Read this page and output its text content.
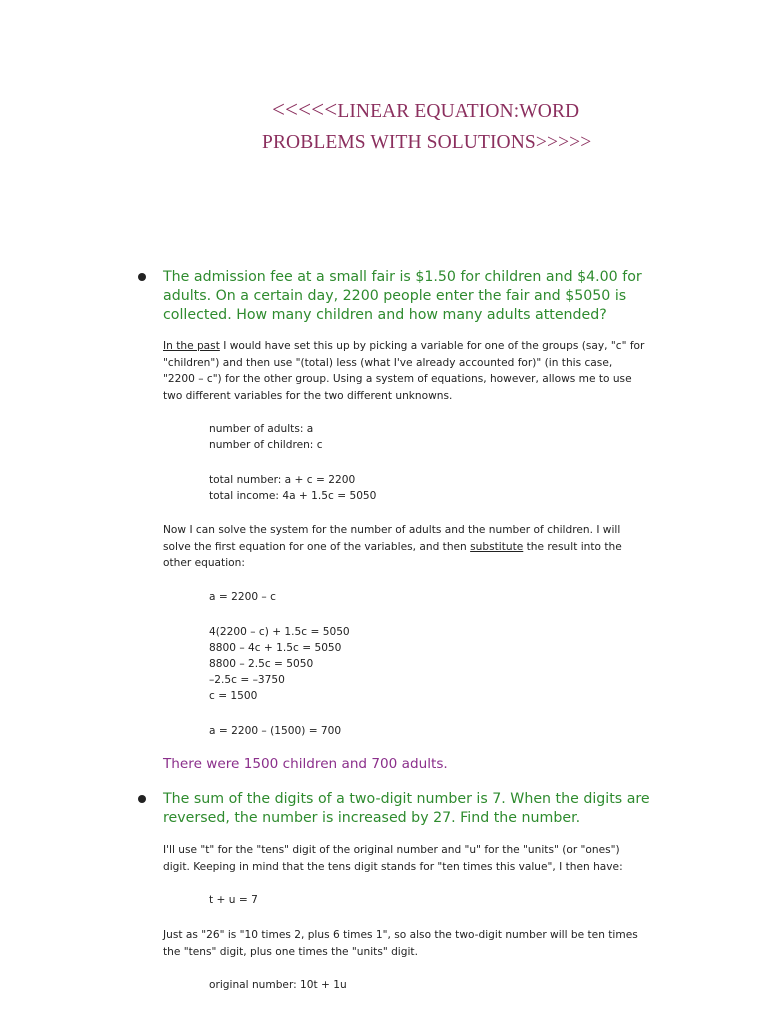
<<<<<LINEAR EQUATION:WORD
PROBLEMS WITH SOLUTIONS>>>>>
The admission fee at a small fair is $1.50 for children and $4.00 for adults. On a certain day, 2200 people enter the fair and $5050 is collected. How many children and how many adults attended?
In the past I would have set this up by picking a variable for one of the groups (say, "c" for "children") and then use "(total) less (what I've already accounted for)" (in this case, "2200 – c") for the other group. Using a system of equations, however, allows me to use two different variables for the two different unknowns.
number of adults: a
number of children: c
total number: a + c = 2200
total income: 4a + 1.5c = 5050
Now I can solve the system for the number of adults and the number of children. I will solve the first equation for one of the variables, and then substitute the result into the other equation:
a = 2200 – c
4(2200 – c) + 1.5c = 5050
8800 – 4c + 1.5c = 5050
8800 – 2.5c = 5050
–2.5c = –3750
c = 1500
a = 2200 – (1500) = 700
There were 1500 children and 700 adults.
The sum of the digits of a two-digit number is 7. When the digits are reversed, the number is increased by 27. Find the number.
I'll use "t" for the "tens" digit of the original number and "u" for the "units" (or "ones") digit. Keeping in mind that the tens digit stands for "ten times this value", I then have:
t + u = 7
Just as "26" is "10 times 2, plus 6 times 1", so also the two-digit number will be ten times the "tens" digit, plus one times the "units" digit.
original number: 10t + 1u
